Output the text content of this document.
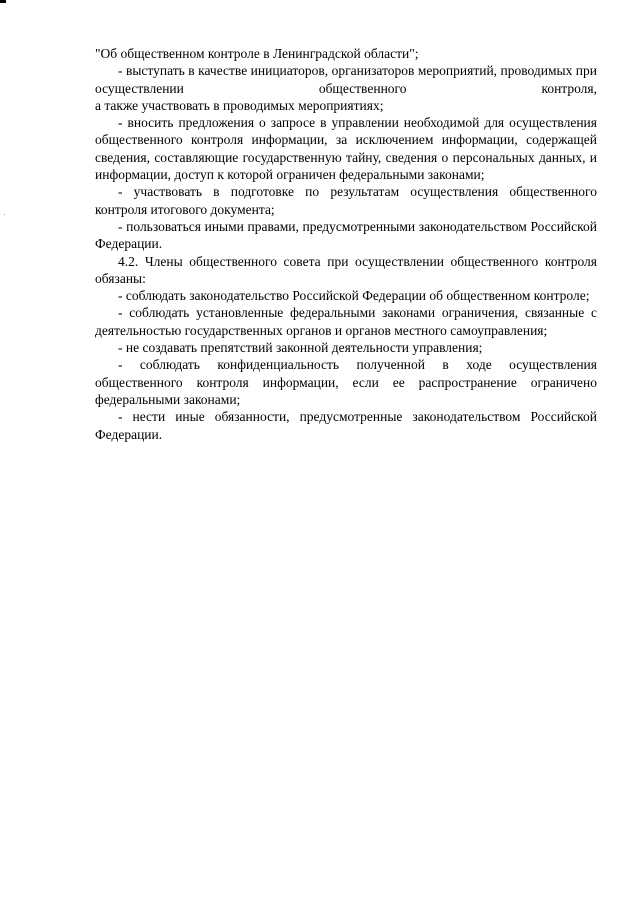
"Об общественном контроле в Ленинградской области";

- выступать в качестве инициаторов, организаторов мероприятий, проводимых при осуществлении общественного контроля,

а также участвовать в проводимых мероприятиях;

- вносить предложения о запросе в управлении необходимой для осуществления общественного контроля информации, за исключением информации, содержащей сведения, составляющие государственную тайну, сведения о персональных данных, и информации, доступ к которой ограничен федеральными законами;

- участвовать в подготовке по результатам осуществления общественного контроля итогового документа;

- пользоваться иными правами, предусмотренными законодательством Российской Федерации.

4.2. Члены общественного совета при осуществлении общественного контроля обязаны:

- соблюдать законодательство Российской Федерации об общественном контроле;

- соблюдать установленные федеральными законами ограничения, связанные с деятельностью государственных органов и органов местного самоуправления;

- не создавать препятствий законной деятельности управления;

- соблюдать конфиденциальность полученной в ходе осуществления общественного контроля информации, если ее распространение ограничено федеральными законами;

- нести иные обязанности, предусмотренные законодательством Российской Федерации.
